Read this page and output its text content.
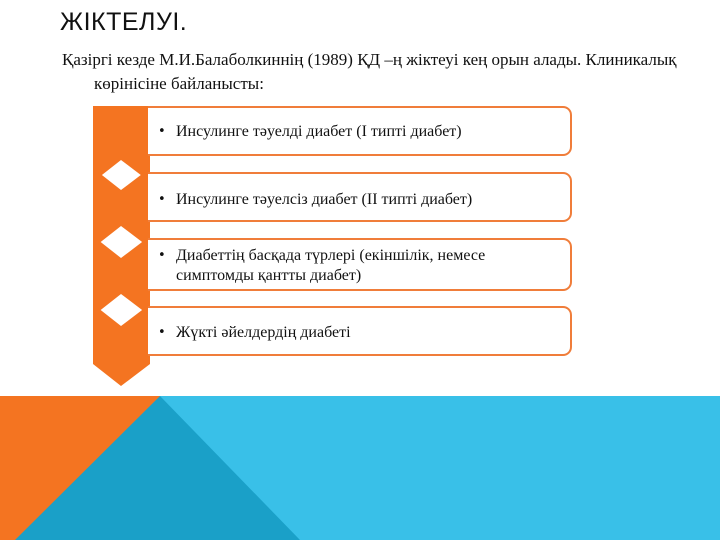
ЖІКТЕЛУІ.
Қазіргі кезде М.И.Балаболкиннің (1989) ҚД –ң жіктеуі кең орын алады. Клиникалық көрінісіне байланысты:
• Инсулинге тәуелді диабет (І типті диабет)
• Инсулинге тәуелсіз диабет (ІІ типті диабет)
• Диабеттің басқада түрлері (екіншілік, немесе симптомды қантты диабет)
• Жүкті әйелдердің диабеті
